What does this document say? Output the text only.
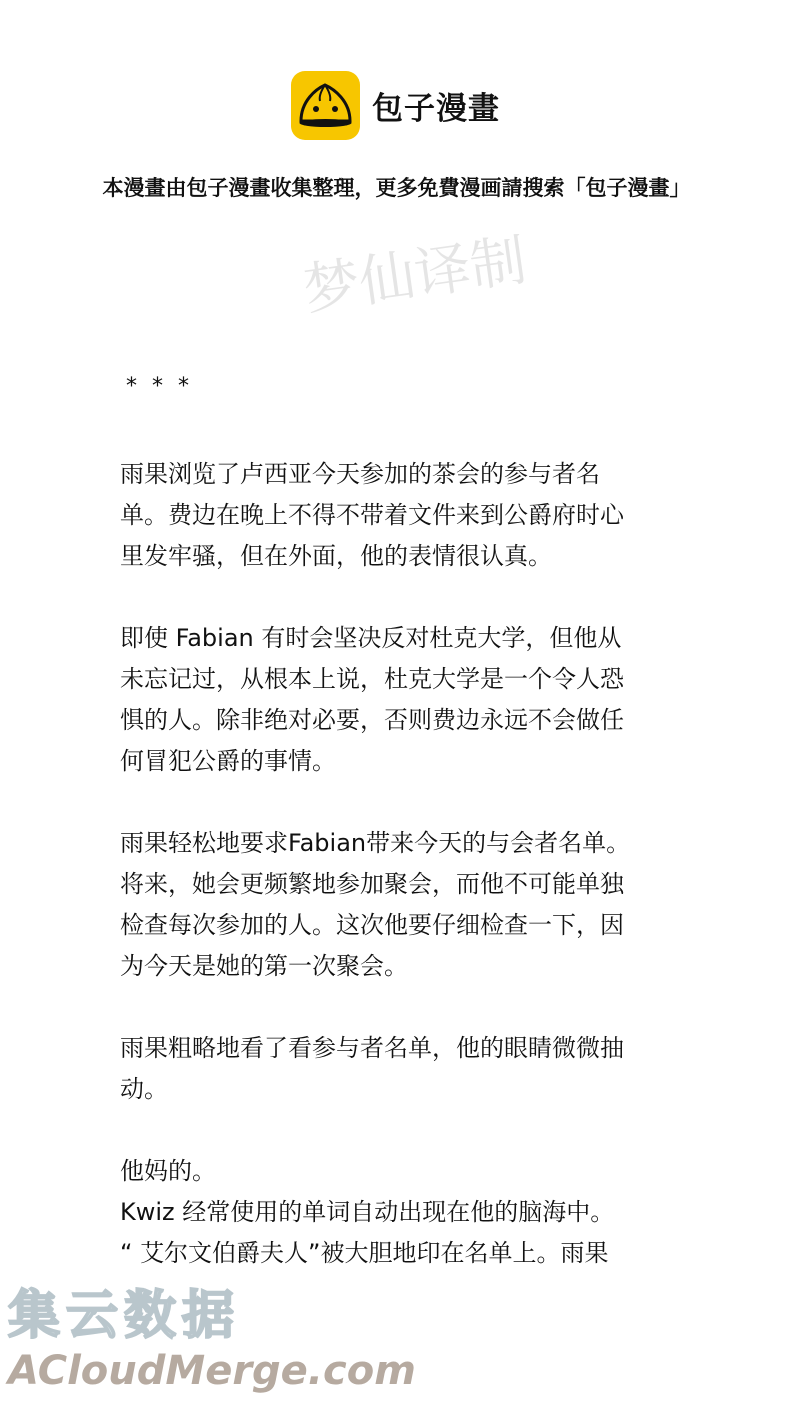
包子漫畫
本漫畫由包子漫畫收集整理，更多免費漫画請搜索「包子漫畫」
梦仙译制
* * *
雨果浏览了卢西亚今天参加的茶会的参与者名
单。费边在晚上不得不带着文件来到公爵府时心
里发牢骚，但在外面，他的表情很认真。
即使 Fabian 有时会坚决反对杜克大学，但他从
未忘记过，从根本上说，杜克大学是一个令人恐
惧的人。除非绝对必要，否则费边永远不会做任
何冒犯公爵的事情。
雨果轻松地要求Fabian带来今天的与会者名单。
将来，她会更频繁地参加聚会，而他不可能单独
检查每次参加的人。这次他要仔细检查一下，因
为今天是她的第一次聚会。
雨果粗略地看了看参与者名单，他的眼睛微微抽
动。
他妈的。
Kwiz 经常使用的单词自动出现在他的脑海中。
“ 艾尔文伯爵夫人”被大胆地印在名单上。雨果
集云数据
ACloudMerge.com
